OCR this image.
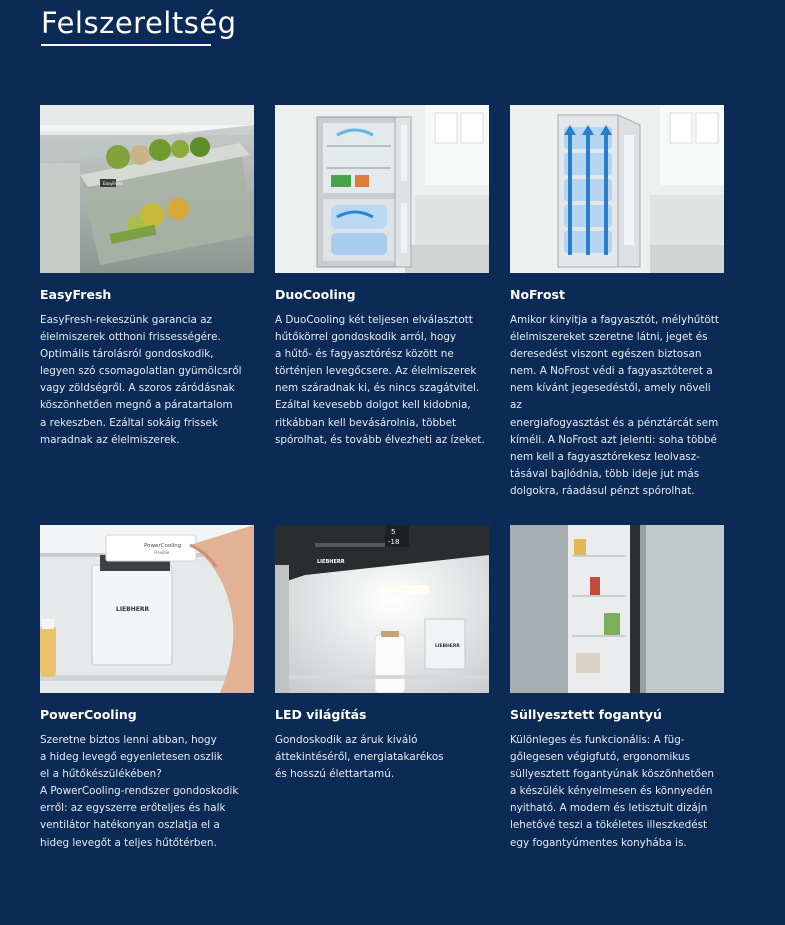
Felszereltség
EasyFresh
EasyFresh

EasyFresh-rekeszünk garancia az
élelmiszerek otthoni frissességére.
Optimális tárolásról gondoskodik,
legyen szó csomagolatlan gyümölcsről
vagy zöldségről. A szoros záródásnak
köszönhetően megnő a páratartalom
a rekeszben. Ezáltal sokáig frissek
maradnak az élelmiszerek.

DuoCooling

A DuoCooling két teljesen elválasztott
hűtőkörrel gondoskodik arról, hogy
a hűtő- és fagyasztórész között ne
történjen levegőcsere. Az élelmiszerek
nem száradnak ki, és nincs szagátvitel.
Ezáltal kevesebb dolgot kell kidobnia,
ritkábban kell bevásárolnia, többet
spórolhat, és tovább élvezheti az ízeket.

NoFrost

Amikor kinyitja a fagyasztót, mélyhűtött
élelmiszereket szeretne látni, jeget és
deresedést viszont egészen biztosan
nem. A NoFrost védi a fagyasztóteret a
nem kívánt jegesedéstől, amely növeli az
energiafogyasztást és a pénztárcát sem
kíméli. A NoFrost azt jelenti: soha többé
nem kell a fagyasztórekesz leolvasz-
tásával bajlódnia, több ideje jut más
dolgokra, ráadásul pénzt spórolhat.

LIEBHERR
PowerCooling
Flexible
PowerCooling

Szeretne biztos lenni abban, hogy
a hideg levegő egyenletesen oszlik
el a hűtőkészülékében?
A PowerCooling-rendszer gondoskodik
erről: az egyszerre erőteljes és halk
ventilátor hatékonyan oszlatja el a
hideg levegőt a teljes hűtőtérben.

LIEBHERR
5
-18
LIEBHERR
LED világítás

Gondoskodik az áruk kiváló
áttekintéséről, energiatakarékos
és hosszú élettartamú.

Süllyesztett fogantyú

Különleges és funkcionális: A füg-
gőlegesen végigfutó, ergonomikus
süllyesztett fogantyúnak köszönhetően
a készülék kényelmesen és könnyedén
nyitható. A modern és letisztult dizájn
lehetővé teszi a tökéletes illeszkedést
egy fogantyúmentes konyhába is.
